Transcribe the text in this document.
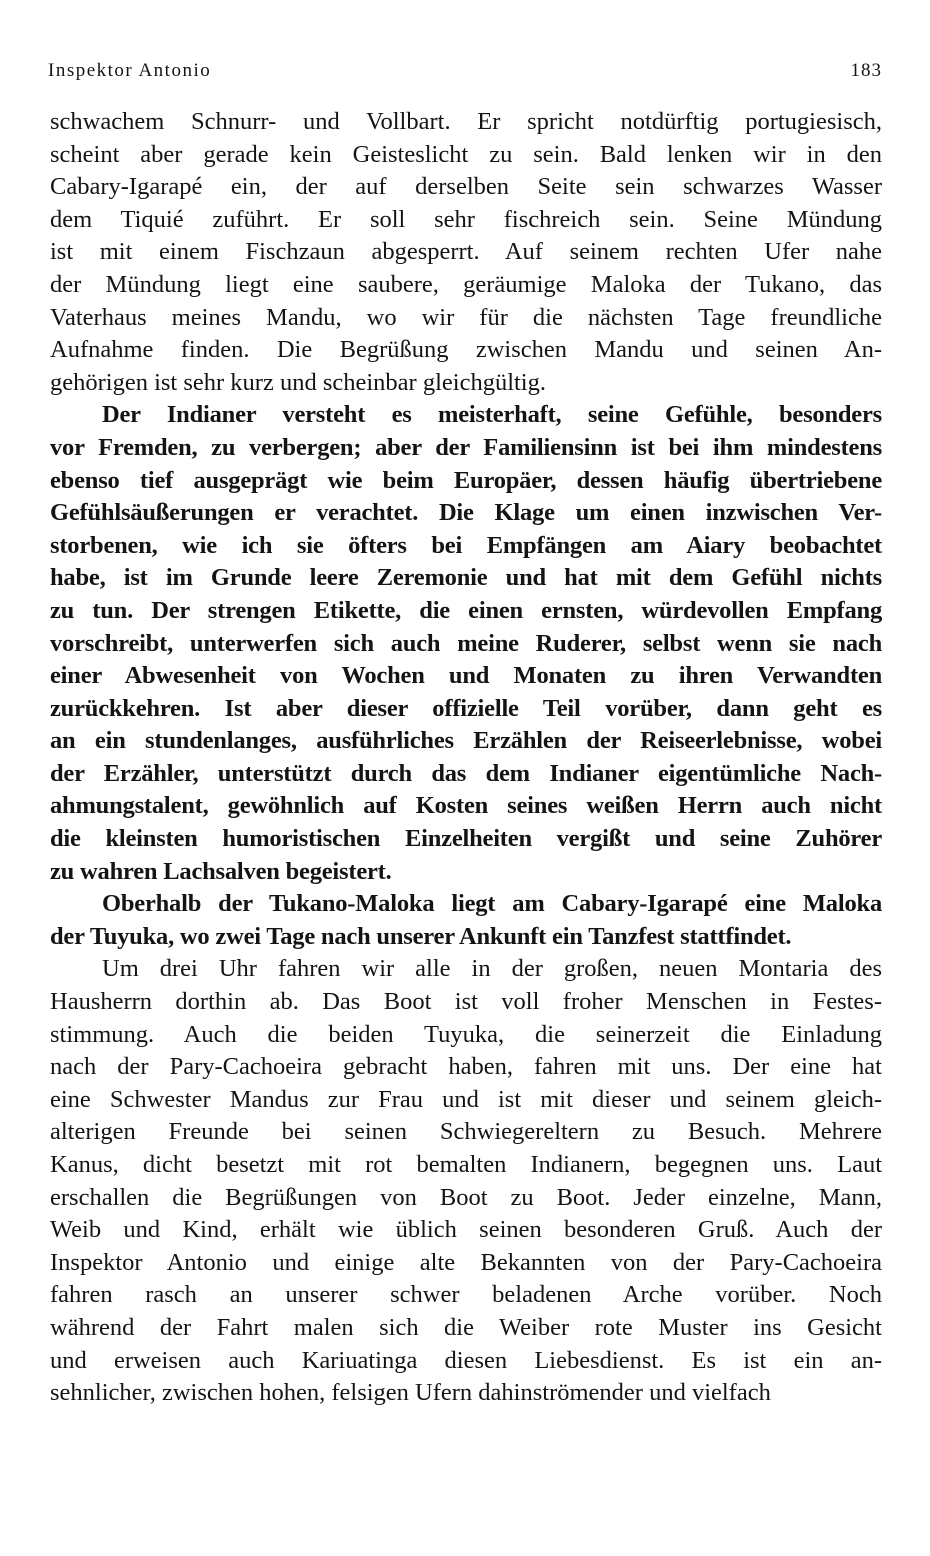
Inspektor Antonio	183
schwachem Schnurr- und Vollbart. Er spricht notdürftig portugiesisch,
scheint aber gerade kein Geisteslicht zu sein. Bald lenken wir in den
Cabary-Igarapé ein, der auf derselben Seite sein schwarzes Wasser
dem Tiquié zuführt. Er soll sehr fischreich sein. Seine Mündung
ist mit einem Fischzaun abgesperrt. Auf seinem rechten Ufer nahe
der Mündung liegt eine saubere, geräumige Maloka der Tukano, das
Vaterhaus meines Mandu, wo wir für die nächsten Tage freundliche
Aufnahme finden. Die Begrüßung zwischen Mandu und seinen An-
gehörigen ist sehr kurz und scheinbar gleichgültig.
Der Indianer versteht es meisterhaft, seine Gefühle, besonders
vor Fremden, zu verbergen; aber der Familiensinn ist bei ihm mindestens
ebenso tief ausgeprägt wie beim Europäer, dessen häufig übertriebene
Gefühlsäußerungen er verachtet. Die Klage um einen inzwischen Ver-
storbenen, wie ich sie öfters bei Empfängen am Aiary beobachtet
habe, ist im Grunde leere Zeremonie und hat mit dem Gefühl nichts
zu tun. Der strengen Etikette, die einen ernsten, würdevollen Empfang
vorschreibt, unterwerfen sich auch meine Ruderer, selbst wenn sie nach
einer Abwesenheit von Wochen und Monaten zu ihren Verwandten
zurückkehren. Ist aber dieser offizielle Teil vorüber, dann geht es
an ein stundenlanges, ausführliches Erzählen der Reiseerlebnisse, wobei
der Erzähler, unterstützt durch das dem Indianer eigentümliche Nach-
ahmungstalent, gewöhnlich auf Kosten seines weißen Herrn auch nicht
die kleinsten humoristischen Einzelheiten vergißt und seine Zuhörer
zu wahren Lachsalven begeistert.
Oberhalb der Tukano-Maloka liegt am Cabary-Igarapé eine Maloka
der Tuyuka, wo zwei Tage nach unserer Ankunft ein Tanzfest stattfindet.
Um drei Uhr fahren wir alle in der großen, neuen Montaria des
Hausherrn dorthin ab. Das Boot ist voll froher Menschen in Festes-
stimmung. Auch die beiden Tuyuka, die seinerzeit die Einladung
nach der Pary-Cachoeira gebracht haben, fahren mit uns. Der eine hat
eine Schwester Mandus zur Frau und ist mit dieser und seinem gleich-
alterigen Freunde bei seinen Schwiegereltern zu Besuch. Mehrere
Kanus, dicht besetzt mit rot bemalten Indianern, begegnen uns. Laut
erschallen die Begrüßungen von Boot zu Boot. Jeder einzelne, Mann,
Weib und Kind, erhält wie üblich seinen besonderen Gruß. Auch der
Inspektor Antonio und einige alte Bekannten von der Pary-Cachoeira
fahren rasch an unserer schwer beladenen Arche vorüber. Noch
während der Fahrt malen sich die Weiber rote Muster ins Gesicht
und erweisen auch Kariuatinga diesen Liebesdienst. Es ist ein an-
sehnlicher, zwischen hohen, felsigen Ufern dahinströmender und vielfach
